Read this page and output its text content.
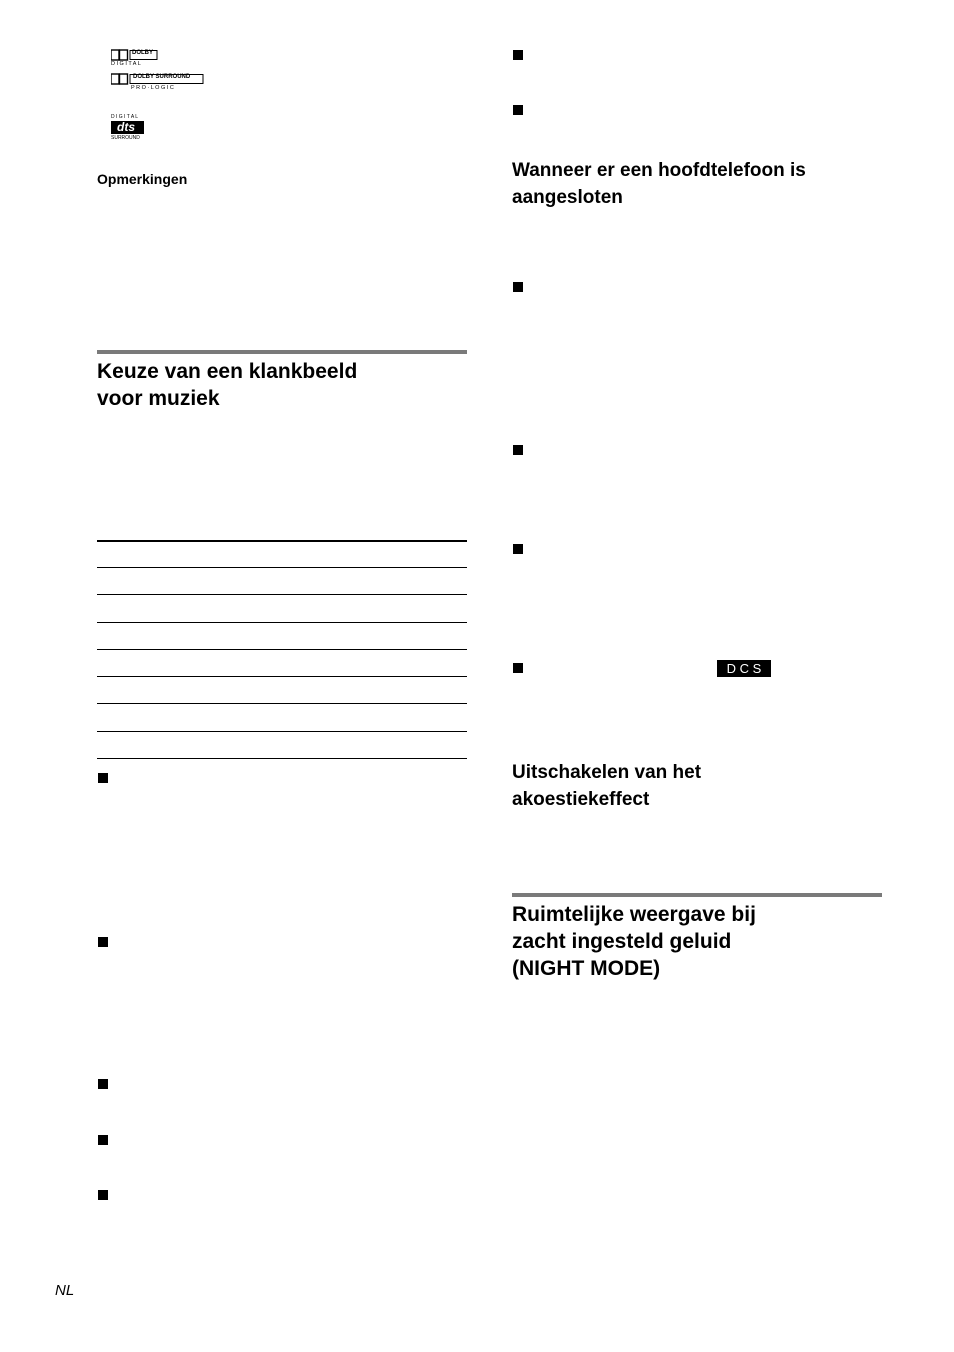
DOLBY
D I G I T A L
DOLBY SURROUND
P R O · L O G I C
D I G I T A L
dts
SURROUND
Opmerkingen
Keuze van een klankbeeld
voor muziek
Wanneer er een hoofdtelefoon is
aangesloten
D C S
Uitschakelen van het
akoestiekeffect
Ruimtelijke weergave bij
zacht ingesteld geluid
(NIGHT MODE)
NL
